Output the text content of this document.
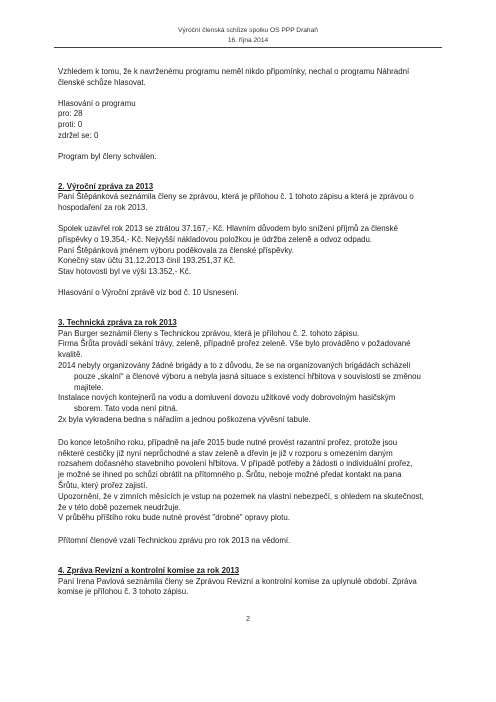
Výroční členská schůze spolku OS PPP Drahaň
16. října 2014

Vzhledem k tomu, že k navrženému programu neměl nikdo připomínky, nechal o programu Náhradní

členské schůze hlasovat.

Hlasování o programu

pro: 28

proti: 0

zdržel se: 0

Program byl členy schválen.

2. Výroční zpráva za 2013

Paní Štěpánková seznámila členy se zprávou, která je přílohou č. 1 tohoto zápisu a která je zprávou o

hospodaření za rok 2013.

Spolek uzavřel rok 2013 se ztrátou 37.167,- Kč. Hlavním důvodem bylo snížení příjmů za členské

příspěvky o 19.354,- Kč. Nejvyšší nákladovou položkou je údržba zeleně a odvoz odpadu.

Paní Štěpánková jménem výboru poděkovala za členské příspěvky.

Konečný stav účtu 31.12.2013 činil 193.251,37 Kč.

Stav hotovosti byl ve výši 13.352,- Kč.

Hlasování o Výroční zprávě viz bod č. 10 Usnesení.

3. Technická zpráva za rok 2013

Pan Burger seznámil členy s Technickou zprávou, která je přílohou č. 2. tohoto zápisu.

Firma Šrůta provádí sekání trávy, zeleně, případně prořez zeleně. Vše bylo prováděno v požadované

kvalitě.

2014 nebyly organizovány žádné brigády a to z důvodu, že se na organizovaných brigádách scházeli

pouze „skalní“ a členové výboru a nebyla jasná situace s existencí hřbitova v souvislosti se změnou

majitele.

Instalace nových kontejnerů na vodu a domluvení dovozu užitkové vody dobrovolným hasičským

sborem. Tato voda není pitná.

2x byla vykradena bedna s nářadím a jednou poškozena vývěsní tabule.

Do konce letošního roku, případně na jaře 2015 bude nutné provést razantní prořez, protože jsou

některé cestičky již nyní neprůchodné a stav zeleně a dřevin je již v rozporu s omezením daným

rozsahem dočasného stavebního povolení hřbitova. V případě potřeby a žádosti o individuální prořez,

je možné se ihned po schůzi obrátit na přítomného p. Šrůtu, neboje možné předat kontakt na pana

Šrůtu, který prořez zajistí.

Upozornění, že v zimních měsících je vstup na pozemek na vlastní nebezpečí, s ohledem na skutečnost,

že v této době pozemek neudržuje.

V průběhu příštího roku bude nutné provést "drobné" opravy plotu.

Přítomní členové vzali Technickou zprávu pro rok 2013 na vědomí.

4. Zpráva Revizní a kontrolní komise za rok 2013

Paní Irena Pavlová seznámila členy se Zprávou Revizní a kontrolní komise za uplynulé období. Zpráva

komise je přílohou č. 3 tohoto zápisu.

2
